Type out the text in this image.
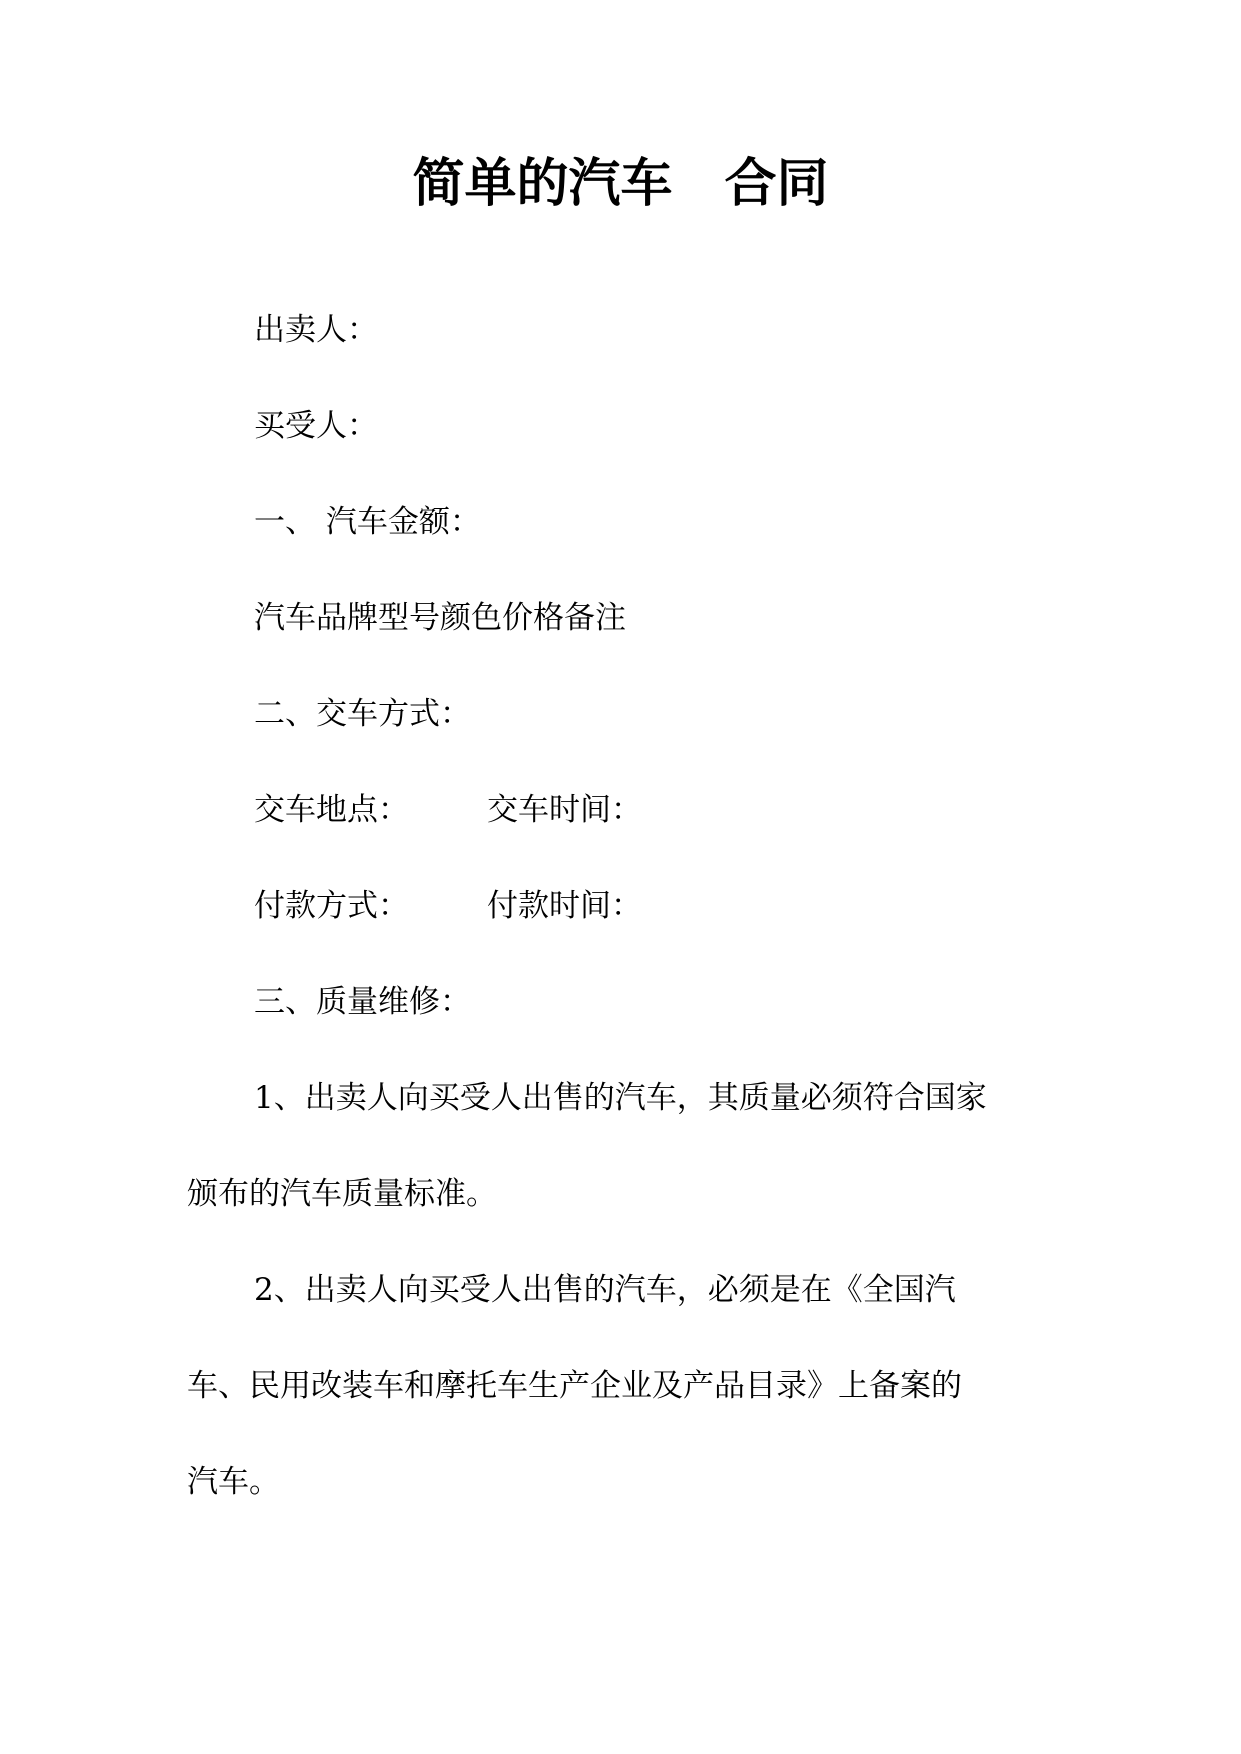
简单的汽车　合同
出卖人：
买受人：
一、 汽车金额：
汽车品牌型号颜色价格备注
二、交车方式：
交车地点：	交车时间：
付款方式：	付款时间：
三、质量维修：
1、出卖人向买受人出售的汽车，其质量必须符合国家
颁布的汽车质量标准。
2、出卖人向买受人出售的汽车，必须是在《全国汽
车、民用改装车和摩托车生产企业及产品目录》上备案的
汽车。
